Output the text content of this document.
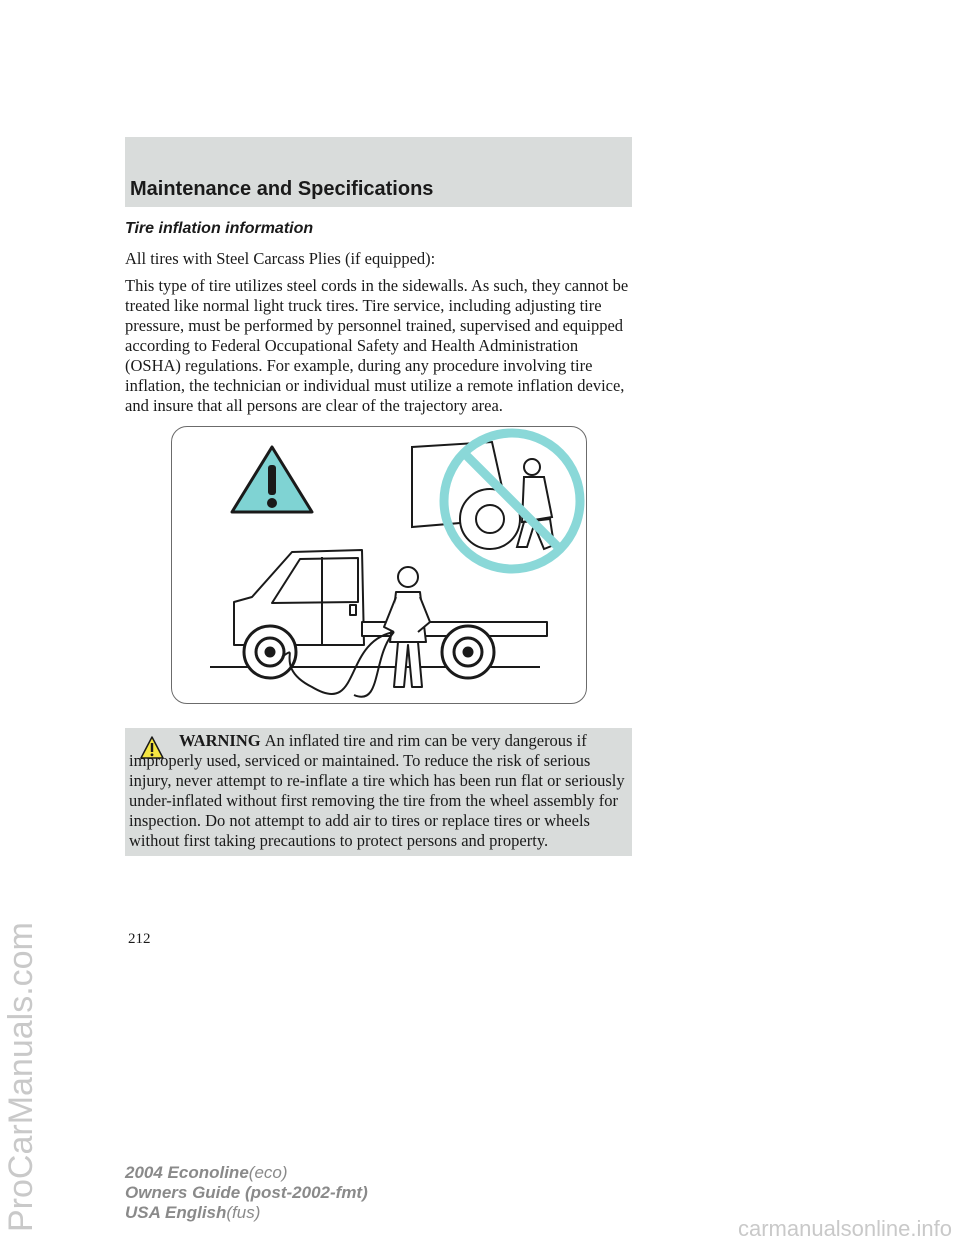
Maintenance and Specifications
Tire inflation information

All tires with Steel Carcass Plies (if equipped):

This type of tire utilizes steel cords in the sidewalls. As such, they cannot be treated like normal light truck tires. Tire service, including adjusting tire pressure, must be performed by personnel trained, supervised and equipped according to Federal Occupational Safety and Health Administration (OSHA) regulations. For example, during any procedure involving tire inflation, the technician or individual must utilize a remote inflation device, and insure that all persons are clear of the trajectory area.

WARNING An inflated tire and rim can be very dangerous if improperly used, serviced or maintained. To reduce the risk of serious injury, never attempt to re-inflate a tire which has been run flat or seriously under-inflated without first removing the tire from the wheel assembly for inspection. Do not attempt to add air to tires or replace tires or wheels without first taking precautions to protect persons and property.

212
2004 Econoline(eco)
Owners Guide (post-2002-fmt)
USA English(fus)
ProCarManuals.com	carmanualsonline.info
